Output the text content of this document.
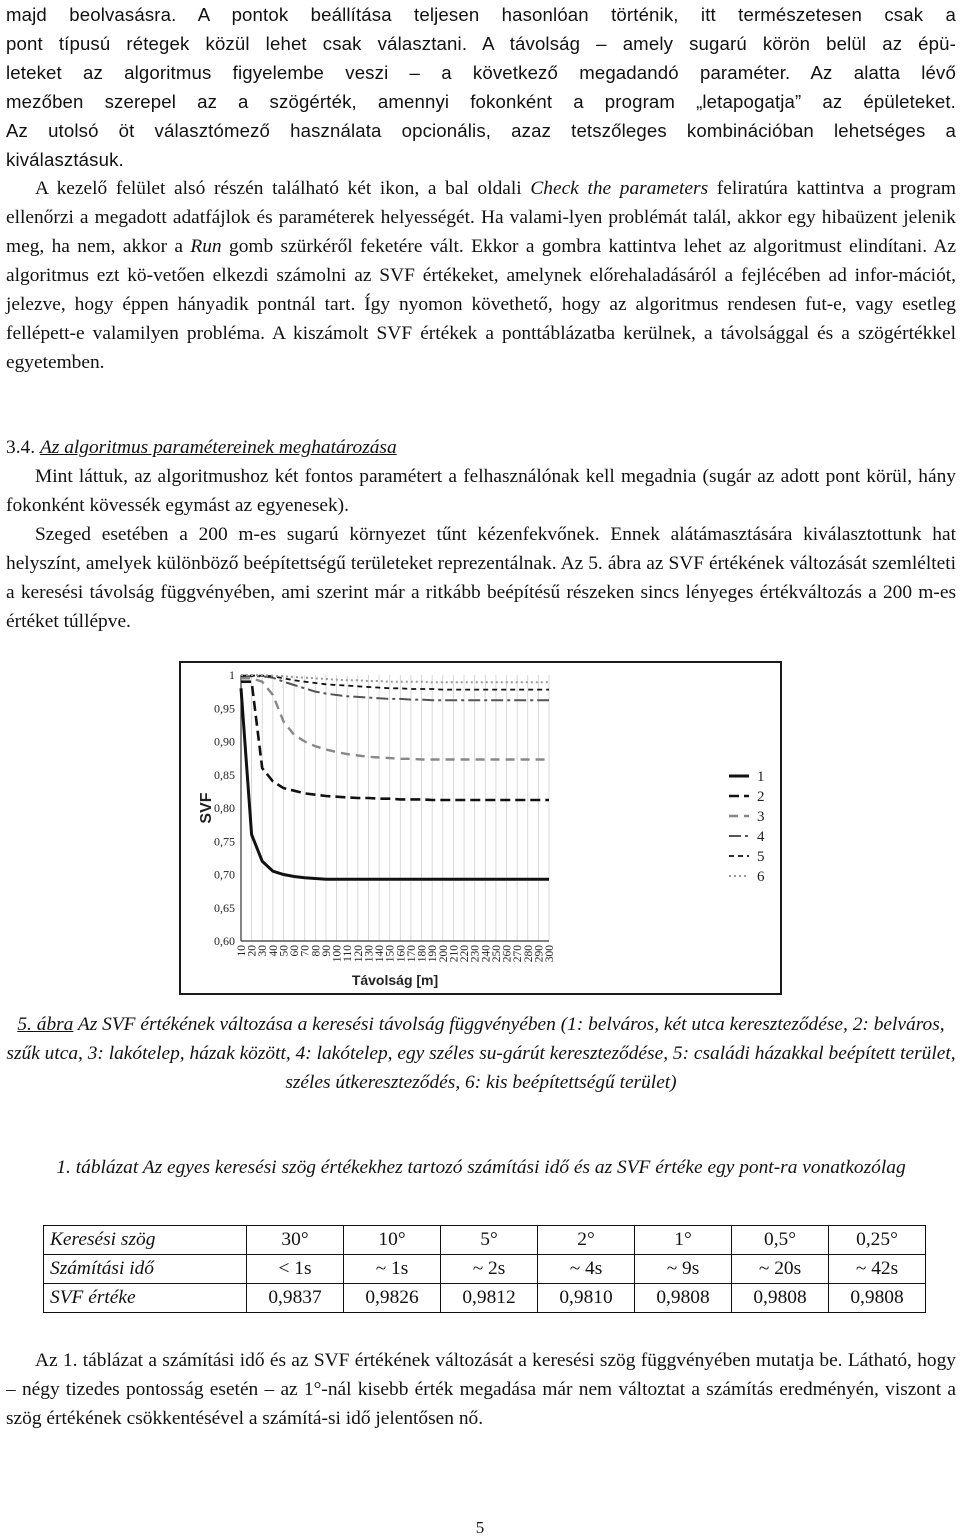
majd beolvasásra. A pontok beállítása teljesen hasonlóan történik, itt természetesen csak a
pont típusú rétegek közül lehet csak választani. A távolság – amely sugarú körön belül az épü-
leteket az algoritmus figyelembe veszi – a következő megadandó paraméter. Az alatta lévő
mezőben szerepel az a szögérték, amennyi fokonként a program „letapogatja” az épületeket.
Az utolsó öt választómező használata opcionális, azaz tetszőleges kombinációban lehetséges a
kiválasztásuk.

A kezelő felület alsó részén található két ikon, a bal oldali Check the parameters feliratúra kattintva a program ellenőrzi a megadott adatfájlok és paraméterek helyességét. Ha valami-lyen problémát talál, akkor egy hibaüzent jelenik meg, ha nem, akkor a Run gomb szürkéről feketére vált. Ekkor a gombra kattintva lehet az algoritmust elindítani. Az algoritmus ezt kö-vetően elkezdi számolni az SVF értékeket, amelynek előrehaladásáról a fejlécében ad infor-mációt, jelezve, hogy éppen hányadik pontnál tart. Így nyomon követhető, hogy az algoritmus rendesen fut-e, vagy esetleg fellépett-e valamilyen probléma. A kiszámolt SVF értékek a ponttáblázatba kerülnek, a távolsággal és a szögértékkel egyetemben.

3.4. Az algoritmus paramétereinek meghatározása

Mint láttuk, az algoritmushoz két fontos paramétert a felhasználónak kell megadnia (sugár az adott pont körül, hány fokonként kövessék egymást az egyenesek).

Szeged esetében a 200 m-es sugarú környezet tűnt kézenfekvőnek. Ennek alátámasztására kiválasztottunk hat helyszínt, amelyek különböző beépítettségű területeket reprezentálnak. Az 5. ábra az SVF értékének változását szemlélteti a keresési távolság függvényében, ami szerint már a ritkább beépítésű részeken sincs lényeges értékváltozás a 200 m-es értéket túllépve.

1
0,95
0,90
0,85
0,80
0,75
0,70
0,65
0,60
10
20
30
40
50
60
70
80
90
100
110
120
130
140
150
160
170
180
190
200
210
220
230
240
250
260
270
280
290
300
SVF
Távolság [m]
1
2
3
4
5
6
5. ábra Az SVF értékének változása a keresési távolság függvényében (1: belváros, két utca kereszteződése, 2: belváros, szűk utca, 3: lakótelep, házak között, 4: lakótelep, egy széles su-gárút kereszteződése, 5: családi házakkal beépített terület, széles útkereszteződés, 6: kis beépítettségű terület)
1. táblázat Az egyes keresési szög értékekhez tartozó számítási idő és az SVF értéke egy pont-ra vonatkozólag
Keresési szög	30°	10°	5°	2°	1°	0,5°	0,25°
Számítási idő	< 1s	~ 1s	~ 2s	~ 4s	~ 9s	~ 20s	~ 42s
SVF értéke	0,9837	0,9826	0,9812	0,9810	0,9808	0,9808	0,9808

Az 1. táblázat a számítási idő és az SVF értékének változását a keresési szög függvényében mutatja be. Látható, hogy – négy tizedes pontosság esetén – az 1°-nál kisebb érték megadása már nem változtat a számítás eredményén, viszont a szög értékének csökkentésével a számítá-si idő jelentősen nő.

5
